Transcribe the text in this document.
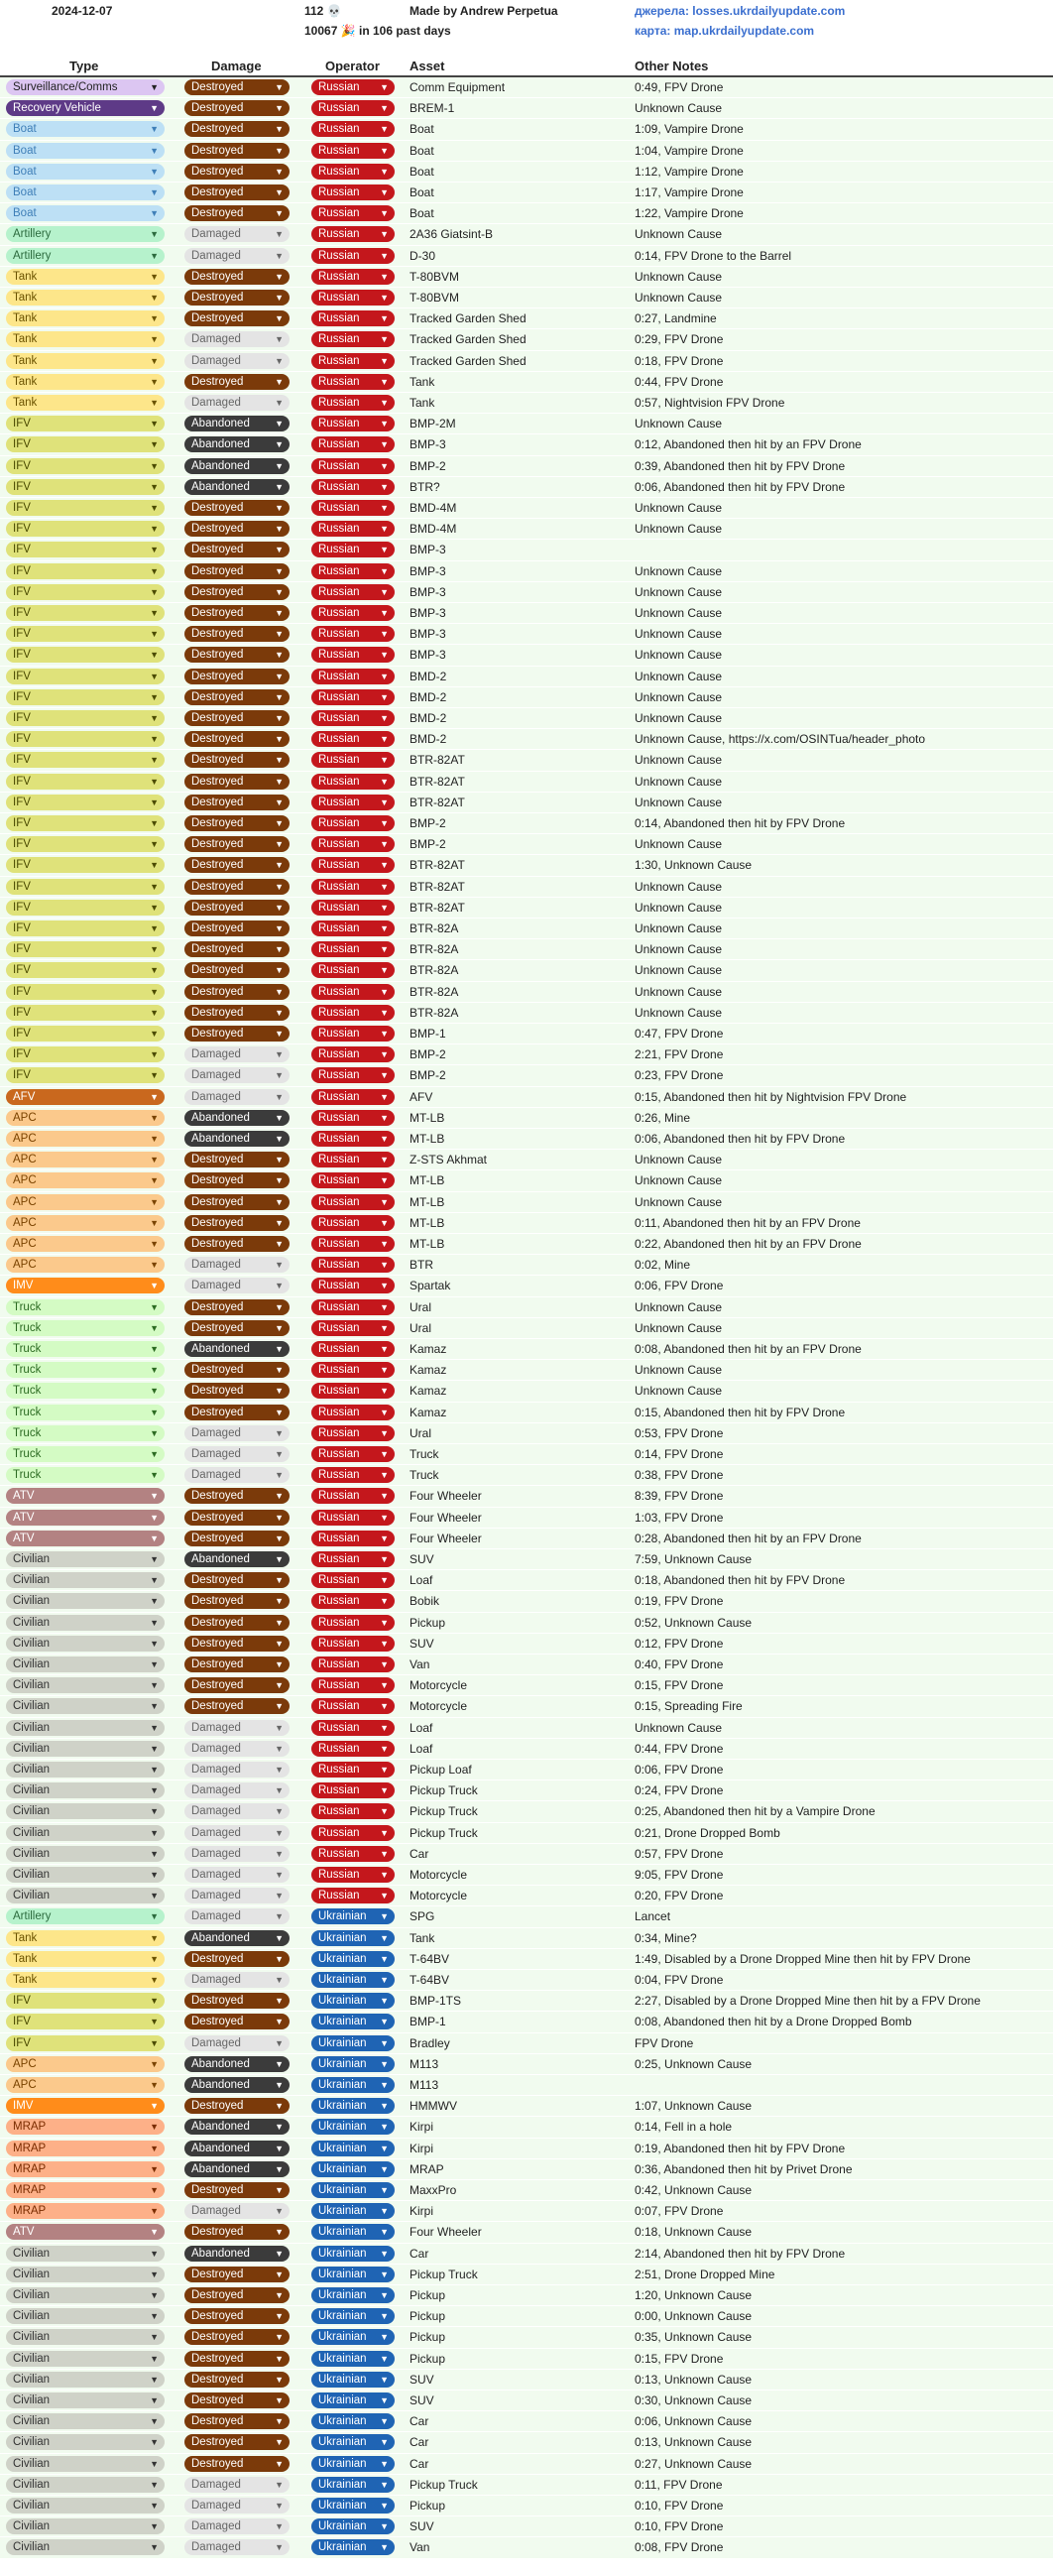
2024-12-07	112 💀
10067 🎉 in 106 past days
Made by Andrew Perpetua	джерела: losses.ukrdailyupdate.com
карта: map.ukrdailyupdate.com
Type	Damage	Operator Asset	Other Notes
Surveillance/Comms	▼	Destroyed	▼	Russian ▼ Comm Equipment	0:49, FPV Drone
Recovery Vehicle	▼	Destroyed	▼	Russian ▼ BREM-1	Unknown Cause
Boat	▼	Destroyed	▼	Russian ▼ Boat	1:09, Vampire Drone
Boat	▼	Destroyed	▼	Russian ▼ Boat	1:04, Vampire Drone
Boat	▼	Destroyed	▼	Russian ▼ Boat	1:12, Vampire Drone
Boat	▼	Destroyed	▼	Russian ▼ Boat	1:17, Vampire Drone
Boat	▼	Destroyed	▼	Russian ▼ Boat	1:22, Vampire Drone
Artillery	▼	Damaged	▼	Russian ▼ 2A36 Giatsint-B	Unknown Cause
Artillery	▼	Damaged	▼	Russian ▼ D-30	0:14, FPV Drone to the Barrel
Tank	▼	Destroyed	▼	Russian ▼ T-80BVM	Unknown Cause
Tank	▼	Destroyed	▼	Russian ▼ T-80BVM	Unknown Cause
Tank	▼	Destroyed	▼	Russian ▼ Tracked Garden Shed	0:27, Landmine
Tank	▼	Damaged	▼	Russian ▼ Tracked Garden Shed	0:29, FPV Drone
Tank	▼	Damaged	▼	Russian ▼ Tracked Garden Shed	0:18, FPV Drone
Tank	▼	Destroyed	▼	Russian ▼ Tank	0:44, FPV Drone
Tank	▼	Damaged	▼	Russian ▼ Tank	0:57, Nightvision FPV Drone
IFV	▼	Abandoned	▼	Russian ▼ BMP-2M	Unknown Cause
IFV	▼	Abandoned	▼	Russian ▼ BMP-3	0:12, Abandoned then hit by an FPV Drone
IFV	▼	Abandoned	▼	Russian ▼ BMP-2	0:39, Abandoned then hit by FPV Drone
IFV	▼	Abandoned	▼	Russian ▼ BTR?	0:06, Abandoned then hit by FPV Drone
IFV	▼	Destroyed	▼	Russian ▼ BMD-4M	Unknown Cause
IFV	▼	Destroyed	▼	Russian ▼ BMD-4M	Unknown Cause
IFV	▼	Destroyed	▼	Russian ▼ BMP-3
IFV	▼	Destroyed	▼	Russian ▼ BMP-3	Unknown Cause
IFV	▼	Destroyed	▼	Russian ▼ BMP-3	Unknown Cause
IFV	▼	Destroyed	▼	Russian ▼ BMP-3	Unknown Cause
IFV	▼	Destroyed	▼	Russian ▼ BMP-3	Unknown Cause
IFV	▼	Destroyed	▼	Russian ▼ BMP-3	Unknown Cause
IFV	▼	Destroyed	▼	Russian ▼ BMD-2	Unknown Cause
IFV	▼	Destroyed	▼	Russian ▼ BMD-2	Unknown Cause
IFV	▼	Destroyed	▼	Russian ▼ BMD-2	Unknown Cause
IFV	▼	Destroyed	▼	Russian ▼ BMD-2	Unknown Cause, https://x.com/OSINTua/header_photo
IFV	▼	Destroyed	▼	Russian ▼ BTR-82AT	Unknown Cause
IFV	▼	Destroyed	▼	Russian ▼ BTR-82AT	Unknown Cause
IFV	▼	Destroyed	▼	Russian ▼ BTR-82AT	Unknown Cause
IFV	▼	Destroyed	▼	Russian ▼ BMP-2	0:14, Abandoned then hit by FPV Drone
IFV	▼	Destroyed	▼	Russian ▼ BMP-2	Unknown Cause
IFV	▼	Destroyed	▼	Russian ▼ BTR-82AT	1:30, Unknown Cause
IFV	▼	Destroyed	▼	Russian ▼ BTR-82AT	Unknown Cause
IFV	▼	Destroyed	▼	Russian ▼ BTR-82AT	Unknown Cause
IFV	▼	Destroyed	▼	Russian ▼ BTR-82A	Unknown Cause
IFV	▼	Destroyed	▼	Russian ▼ BTR-82A	Unknown Cause
IFV	▼	Destroyed	▼	Russian ▼ BTR-82A	Unknown Cause
IFV	▼	Destroyed	▼	Russian ▼ BTR-82A	Unknown Cause
IFV	▼	Destroyed	▼	Russian ▼ BTR-82A	Unknown Cause
IFV	▼	Destroyed	▼	Russian ▼ BMP-1	0:47, FPV Drone
IFV	▼	Damaged	▼	Russian ▼ BMP-2	2:21, FPV Drone
IFV	▼	Damaged	▼	Russian ▼ BMP-2	0:23, FPV Drone
AFV	▼	Damaged	▼	Russian ▼ AFV	0:15, Abandoned then hit by Nightvision FPV Drone
APC	▼	Abandoned	▼	Russian ▼ MT-LB	0:26, Mine
APC	▼	Abandoned	▼	Russian ▼ MT-LB	0:06, Abandoned then hit by FPV Drone
APC	▼	Destroyed	▼	Russian ▼ Z-STS Akhmat	Unknown Cause
APC	▼	Destroyed	▼	Russian ▼ MT-LB	Unknown Cause
APC	▼	Destroyed	▼	Russian ▼ MT-LB	Unknown Cause
APC	▼	Destroyed	▼	Russian ▼ MT-LB	0:11, Abandoned then hit by an FPV Drone
APC	▼	Destroyed	▼	Russian ▼ MT-LB	0:22, Abandoned then hit by an FPV Drone
APC	▼	Damaged	▼	Russian ▼ BTR	0:02, Mine
IMV	▼	Damaged	▼	Russian ▼ Spartak	0:06, FPV Drone
Truck	▼	Destroyed	▼	Russian ▼ Ural	Unknown Cause
Truck	▼	Destroyed	▼	Russian ▼ Ural	Unknown Cause
Truck	▼	Abandoned	▼	Russian ▼ Kamaz	0:08, Abandoned then hit by an FPV Drone
Truck	▼	Destroyed	▼	Russian ▼ Kamaz	Unknown Cause
Truck	▼	Destroyed	▼	Russian ▼ Kamaz	Unknown Cause
Truck	▼	Destroyed	▼	Russian ▼ Kamaz	0:15, Abandoned then hit by FPV Drone
Truck	▼	Damaged	▼	Russian ▼ Ural	0:53, FPV Drone
Truck	▼	Damaged	▼	Russian ▼ Truck	0:14, FPV Drone
Truck	▼	Damaged	▼	Russian ▼ Truck	0:38, FPV Drone
ATV	▼	Destroyed	▼	Russian ▼ Four Wheeler	8:39, FPV Drone
ATV	▼	Destroyed	▼	Russian ▼ Four Wheeler	1:03, FPV Drone
ATV	▼	Destroyed	▼	Russian ▼ Four Wheeler	0:28, Abandoned then hit by an FPV Drone
Civilian	▼	Abandoned	▼	Russian ▼ SUV	7:59, Unknown Cause
Civilian	▼	Destroyed	▼	Russian ▼ Loaf	0:18, Abandoned then hit by FPV Drone
Civilian	▼	Destroyed	▼	Russian ▼ Bobik	0:19, FPV Drone
Civilian	▼	Destroyed	▼	Russian ▼ Pickup	0:52, Unknown Cause
Civilian	▼	Destroyed	▼	Russian ▼ SUV	0:12, FPV Drone
Civilian	▼	Destroyed	▼	Russian ▼ Van	0:40, FPV Drone
Civilian	▼	Destroyed	▼	Russian ▼ Motorcycle	0:15, FPV Drone
Civilian	▼	Destroyed	▼	Russian ▼ Motorcycle	0:15, Spreading Fire
Civilian	▼	Damaged	▼	Russian ▼ Loaf	Unknown Cause
Civilian	▼	Damaged	▼	Russian ▼ Loaf	0:44, FPV Drone
Civilian	▼	Damaged	▼	Russian ▼ Pickup Loaf	0:06, FPV Drone
Civilian	▼	Damaged	▼	Russian ▼ Pickup Truck	0:24, FPV Drone
Civilian	▼	Damaged	▼	Russian ▼ Pickup Truck	0:25, Abandoned then hit by a Vampire Drone
Civilian	▼	Damaged	▼	Russian ▼ Pickup Truck	0:21, Drone Dropped Bomb
Civilian	▼	Damaged	▼	Russian ▼ Car	0:57, FPV Drone
Civilian	▼	Damaged	▼	Russian ▼ Motorcycle	9:05, FPV Drone
Civilian	▼	Damaged	▼	Russian ▼ Motorcycle	0:20, FPV Drone
Artillery	▼	Damaged	▼	Ukrainian ▼ SPG	Lancet
Tank	▼	Abandoned	▼	Ukrainian ▼ Tank	0:34, Mine?
Tank	▼	Destroyed	▼	Ukrainian ▼ T-64BV	1:49, Disabled by a Drone Dropped Mine then hit by FPV Drone
Tank	▼	Damaged	▼	Ukrainian ▼ T-64BV	0:04, FPV Drone
IFV	▼	Destroyed	▼	Ukrainian ▼ BMP-1TS	2:27, Disabled by a Drone Dropped Mine then hit by a FPV Drone
IFV	▼	Destroyed	▼	Ukrainian ▼ BMP-1	0:08, Abandoned then hit by a Drone Dropped Bomb
IFV	▼	Damaged	▼	Ukrainian ▼ Bradley	FPV Drone
APC	▼	Abandoned	▼	Ukrainian ▼ M113	0:25, Unknown Cause
APC	▼	Abandoned	▼	Ukrainian ▼ M113
IMV	▼	Destroyed	▼	Ukrainian ▼ HMMWV	1:07, Unknown Cause
MRAP	▼	Abandoned	▼	Ukrainian ▼ Kirpi	0:14, Fell in a hole
MRAP	▼	Abandoned	▼	Ukrainian ▼ Kirpi	0:19, Abandoned then hit by FPV Drone
MRAP	▼	Abandoned	▼	Ukrainian ▼ MRAP	0:36, Abandoned then hit by Privet Drone
MRAP	▼	Destroyed	▼	Ukrainian ▼ MaxxPro	0:42, Unknown Cause
MRAP	▼	Damaged	▼	Ukrainian ▼ Kirpi	0:07, FPV Drone
ATV	▼	Destroyed	▼	Ukrainian ▼ Four Wheeler	0:18, Unknown Cause
Civilian	▼	Abandoned	▼	Ukrainian ▼ Car	2:14, Abandoned then hit by FPV Drone
Civilian	▼	Destroyed	▼	Ukrainian ▼ Pickup Truck	2:51, Drone Dropped Mine
Civilian	▼	Destroyed	▼	Ukrainian ▼ Pickup	1:20, Unknown Cause
Civilian	▼	Destroyed	▼	Ukrainian ▼ Pickup	0:00, Unknown Cause
Civilian	▼	Destroyed	▼	Ukrainian ▼ Pickup	0:35, Unknown Cause
Civilian	▼	Destroyed	▼	Ukrainian ▼ Pickup	0:15, FPV Drone
Civilian	▼	Destroyed	▼	Ukrainian ▼ SUV	0:13, Unknown Cause
Civilian	▼	Destroyed	▼	Ukrainian ▼ SUV	0:30, Unknown Cause
Civilian	▼	Destroyed	▼	Ukrainian ▼ Car	0:06, Unknown Cause
Civilian	▼	Destroyed	▼	Ukrainian ▼ Car	0:13, Unknown Cause
Civilian	▼	Destroyed	▼	Ukrainian ▼ Car	0:27, Unknown Cause
Civilian	▼	Damaged	▼	Ukrainian ▼ Pickup Truck	0:11, FPV Drone
Civilian	▼	Damaged	▼	Ukrainian ▼ Pickup	0:10, FPV Drone
Civilian	▼	Damaged	▼	Ukrainian ▼ SUV	0:10, FPV Drone
Civilian	▼	Damaged	▼	Ukrainian ▼ Van	0:08, FPV Drone
